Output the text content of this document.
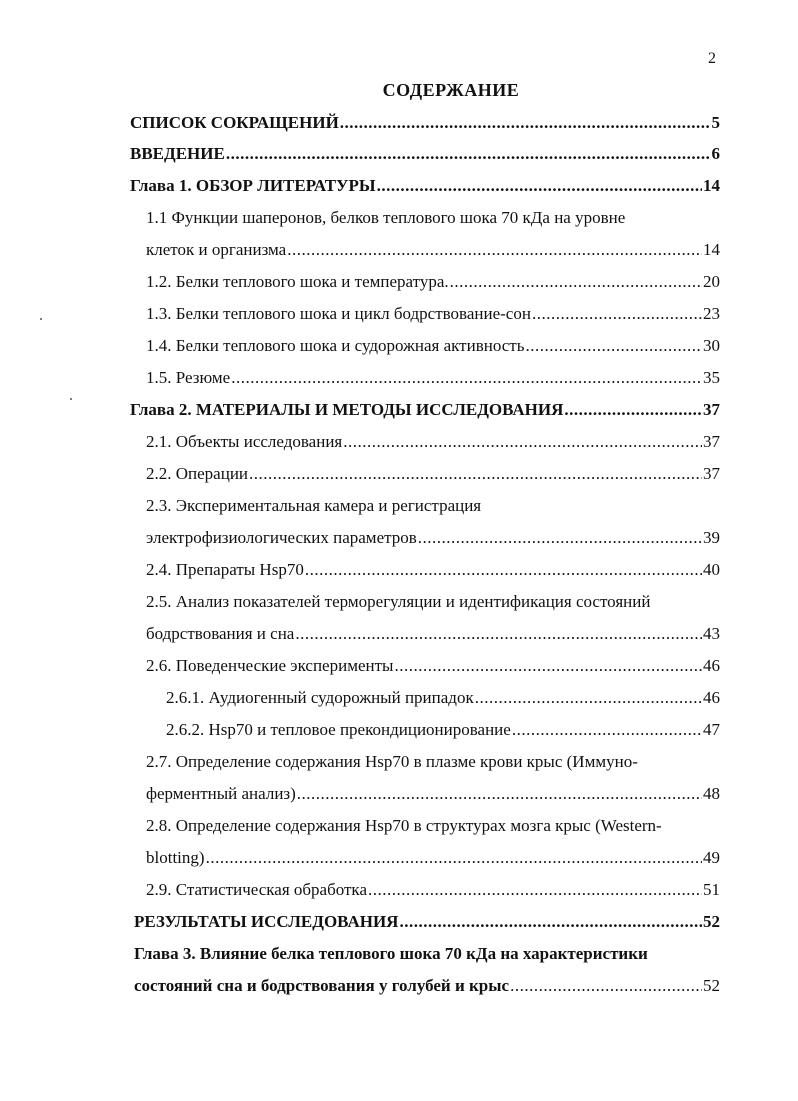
2
СОДЕРЖАНИЕ
СПИСОК СОКРАЩЕНИЙ .....	5
ВВЕДЕНИЕ .....	6
Глава 1. ОБЗОР ЛИТЕРАТУРЫ .....	14
1.1 Функции шаперонов, белков теплового шока 70 кДа на уровне
клеток и организма .....	14
1.2. Белки теплового шока и температура. .....	20
1.3. Белки теплового шока и цикл бодрствование-сон .....	23
1.4. Белки теплового шока и судорожная активность .....	30
1.5. Резюме .....	35
Глава 2. МАТЕРИАЛЫ И МЕТОДЫ ИССЛЕДОВАНИЯ .....	37
2.1. Объекты исследования .....	37
2.2. Операции .....	37
2.3. Экспериментальная камера и регистрация
электрофизиологических параметров .....	39
2.4. Препараты Hsp70 .....	40
2.5. Анализ показателей терморегуляции и идентификация состояний
бодрствования и сна .....	43
2.6. Поведенческие эксперименты .....	46
2.6.1. Аудиогенный судорожный припадок .....	46
2.6.2. Hsp70 и тепловое прекондиционирование .....	47
2.7. Определение содержания Hsp70 в плазме крови крыс (Иммуно-
ферментный анализ) .....	48
2.8. Определение содержания Hsp70 в структурах мозга крыс (Western-
blotting) .....	49
2.9. Статистическая обработка .....	51
РЕЗУЛЬТАТЫ ИССЛЕДОВАНИЯ .....	52
Глава 3. Влияние белка теплового шока 70 кДа на характеристики
состояний сна и бодрствования у голубей и крыс .....	52
